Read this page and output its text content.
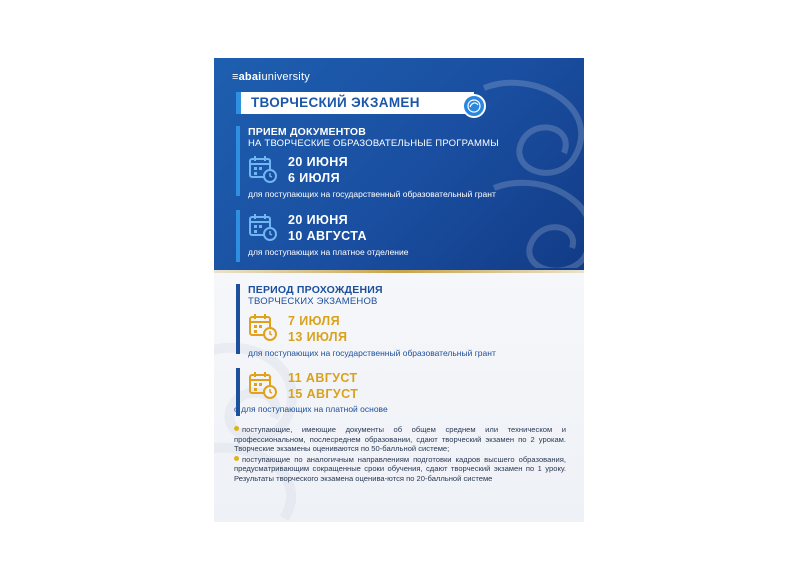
≡abaiuniversity
ТВОРЧЕСКИЙ ЭКЗАМЕН
ПРИЕМ ДОКУМЕНТОВ
НА ТВОРЧЕСКИЕ ОБРАЗОВАТЕЛЬНЫЕ ПРОГРАММЫ
20 ИЮНЯ
6 ИЮЛЯ
для поступающих на государственный образовательный грант
20 ИЮНЯ
10 АВГУСТА
для поступающих на платное отделение
ПЕРИОД ПРОХОЖДЕНИЯ
ТВОРЧЕСКИХ ЭКЗАМЕНОВ
7 ИЮЛЯ
13 ИЮЛЯ
для поступающих на государственный образовательный грант
11 АВГУСТ
15 АВГУСТ
о для поступающих на платной основе
поступающие, имеющие документы об общем среднем или техническом и профессиональном, послесреднем образовании, сдают творческий экзамен по 2 урокам. Творческие экзамены оцениваются по 50-балльной системе;
поступающие по аналогичным направлениям подготовки кадров высшего образования, предусматривающим сокращенные сроки обучения, сдают творческий экзамен по 1 уроку. Результаты творческого экзамена оценива-ются по 20-балльной системе
